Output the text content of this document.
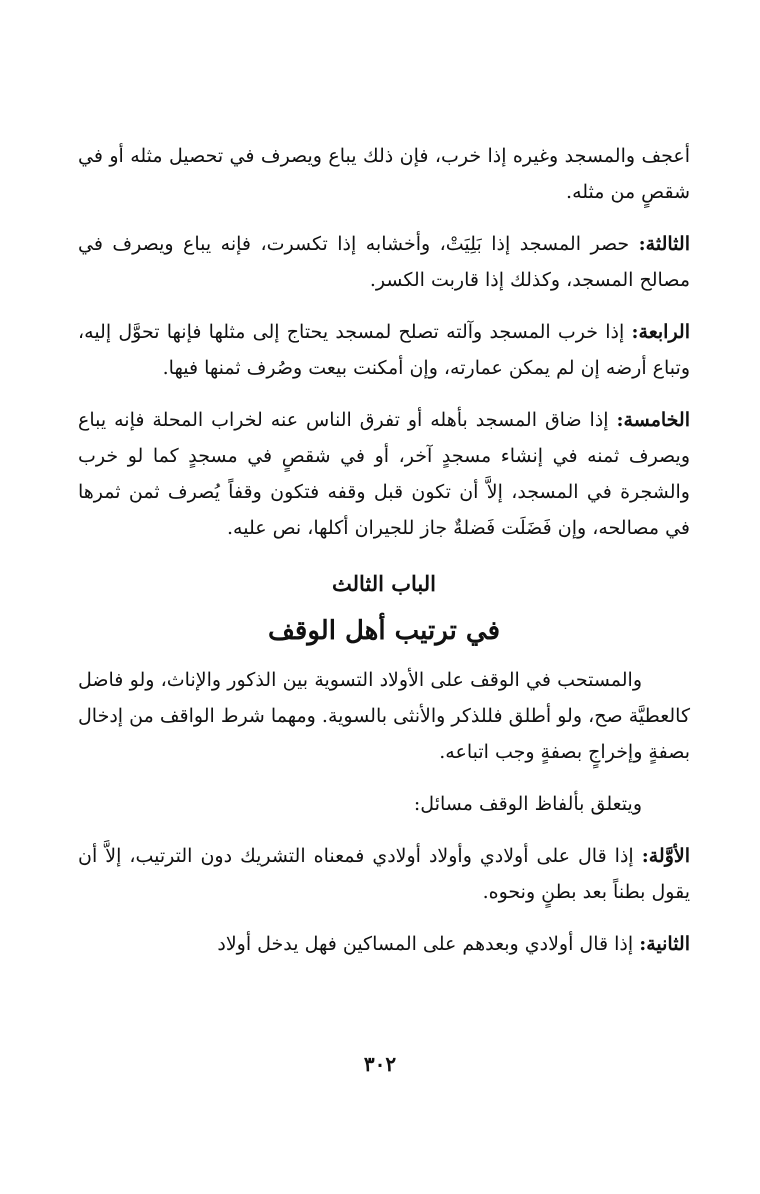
أعجف والمسجد وغيره إذا خرب، فإن ذلك يباع ويصرف في تحصيل مثله أو في شقصٍ من مثله.

الثالثة: حصر المسجد إذا بَلِيَتْ، وأخشابه إذا تكسرت، فإنه يباع ويصرف في مصالح المسجد، وكذلك إذا قاربت الكسر.

الرابعة: إذا خرب المسجد وآلته تصلح لمسجد يحتاج إلى مثلها فإنها تحوَّل إليه، وتباع أرضه إن لم يمكن عمارته، وإن أمكنت بيعت وصُرف ثمنها فيها.

الخامسة: إذا ضاق المسجد بأهله أو تفرق الناس عنه لخراب المحلة فإنه يباع ويصرف ثمنه في إنشاء مسجدٍ آخر، أو في شقصٍ في مسجدٍ كما لو خرب والشجرة في المسجد، إلاَّ أن تكون قبل وقفه فتكون وقفاً يُصرف ثمن ثمرها في مصالحه، وإن فَضَلَت فَضلةٌ جاز للجيران أكلها، نص عليه.

الباب الثالث
في ترتيب أهل الوقف

والمستحب في الوقف على الأولاد التسوية بين الذكور والإناث، ولو فاضل كالعطيَّة صح، ولو أطلق فللذكر والأنثى بالسوية. ومهما شرط الواقف من إدخال بصفةٍ وإخراجٍ بصفةٍ وجب اتباعه.

ويتعلق بألفاظ الوقف مسائل:

الأوَّلة: إذا قال على أولادي وأولاد أولادي فمعناه التشريك دون الترتيب، إلاَّ أن يقول بطناً بعد بطنٍ ونحوه.

الثانية: إذا قال أولادي وبعدهم على المساكين فهل يدخل أولاد

٣٠٢
